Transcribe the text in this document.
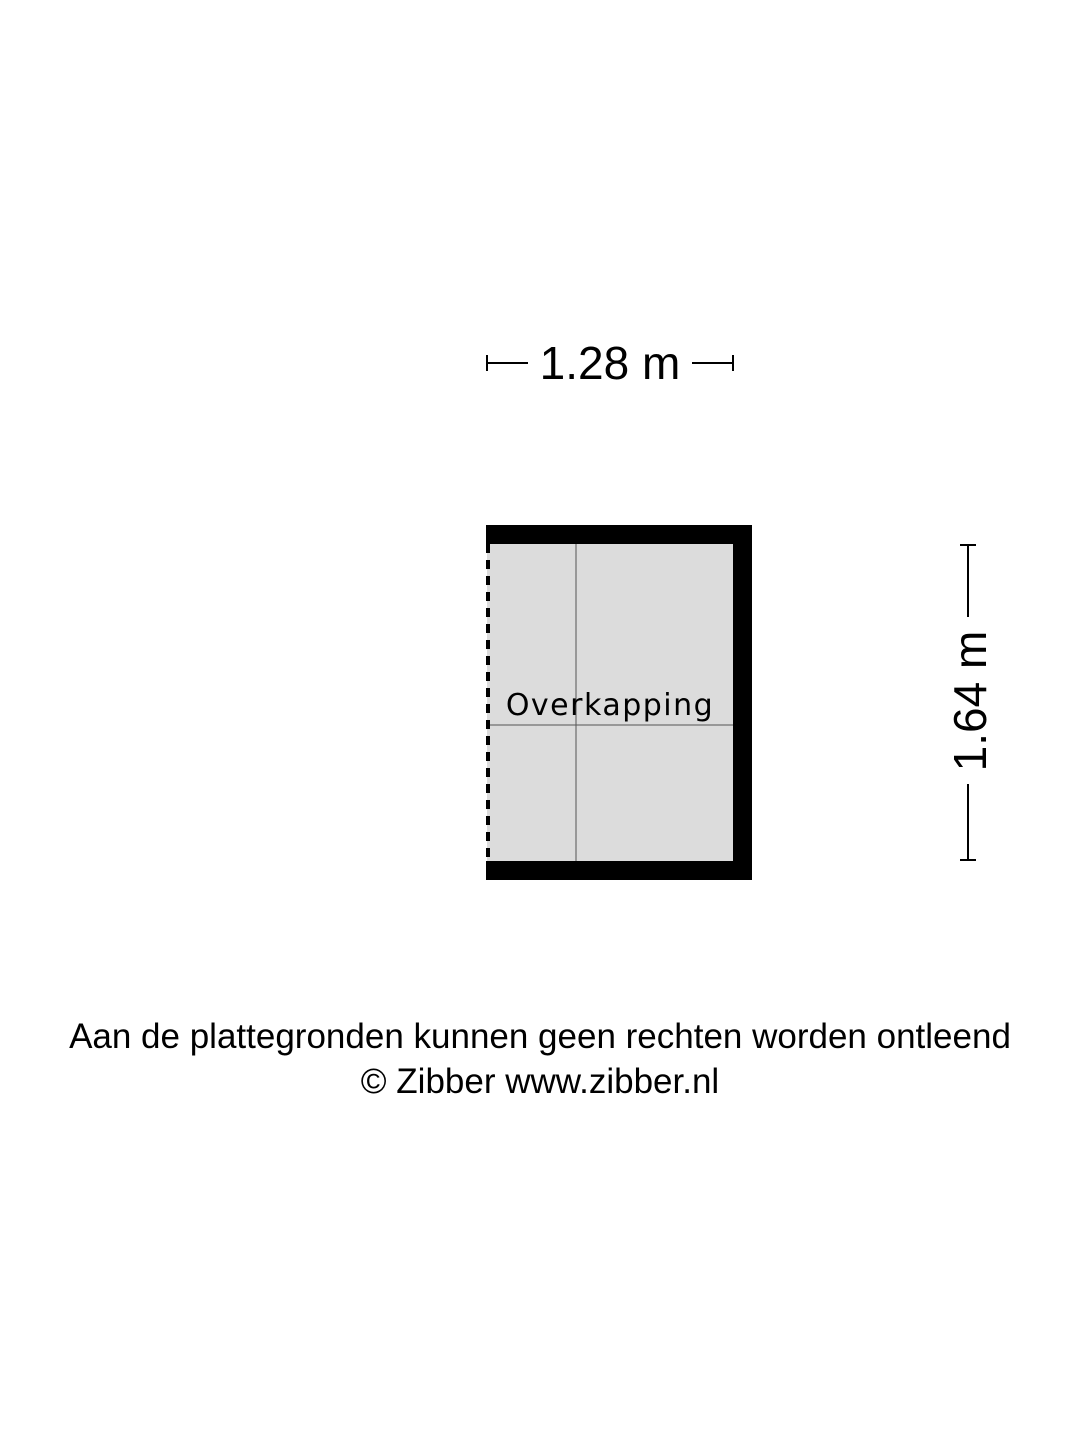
1.28 m
Overkapping	1.64 m
Aan de plattegronden kunnen geen rechten worden ontleend
© Zibber www.zibber.nl
